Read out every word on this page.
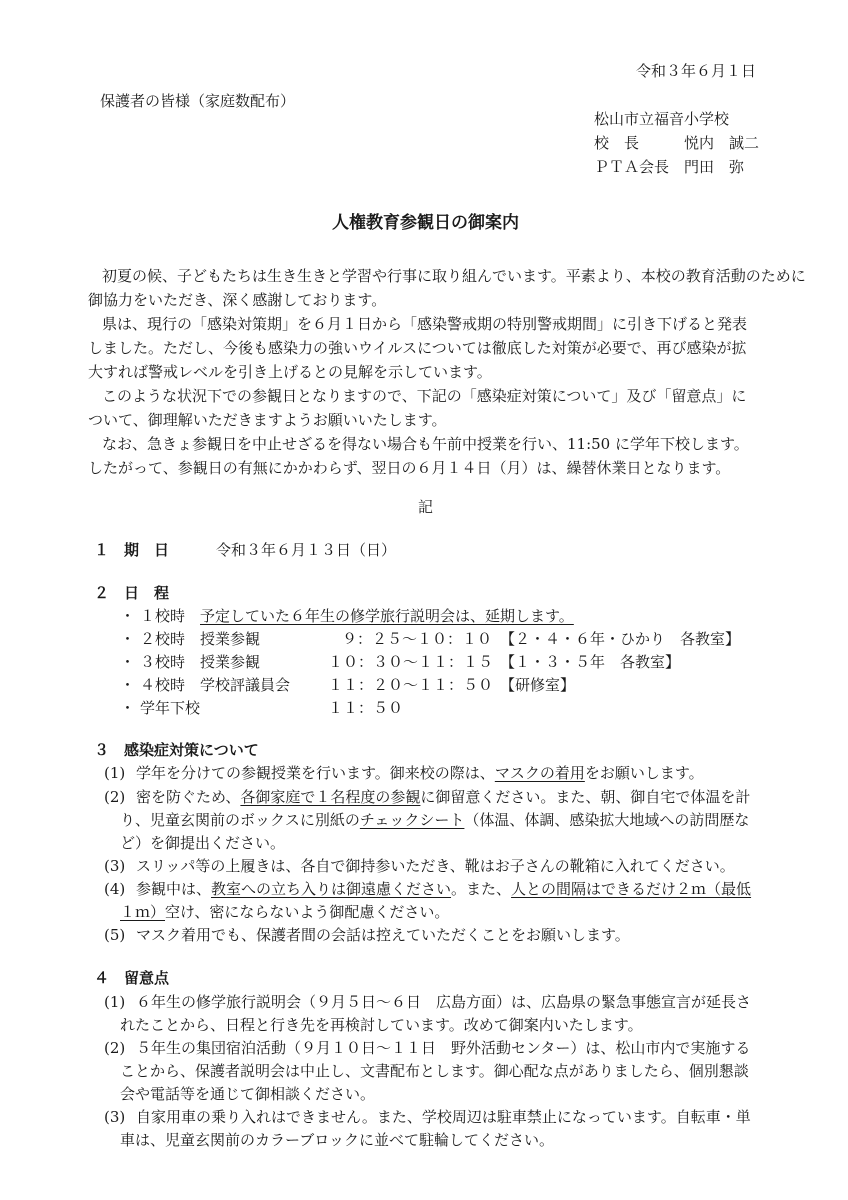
令和３年６月１日
保護者の皆様（家庭数配布）
松山市立福音小学校
校　長　　　悦内　誠二
ＰＴＡ会長　門田　弥
人権教育参観日の御案内
初夏の候、子どもたちは生き生きと学習や行事に取り組んでいます。平素より、本校の教育活動のために
御協力をいただき、深く感謝しております。
県は、現行の「感染対策期」を６月１日から「感染警戒期の特別警戒期間」に引き下げると発表
しました。ただし、今後も感染力の強いウイルスについては徹底した対策が必要で、再び感染が拡
大すれば警戒レベルを引き上げるとの見解を示しています。
このような状況下での参観日となりますので、下記の「感染症対策について」及び「留意点」に
ついて、御理解いただきますようお願いいたします。
なお、急きょ参観日を中止せざるを得ない場合も午前中授業を行い、11:50 に学年下校します。
したがって、参観日の有無にかかわらず、翌日の６月１４日（月）は、繰替休業日となります。
記
１　期　日	令和３年６月１３日（日）
２　日　程
・ １校時 予定していた６年生の修学旅行説明会は、延期します。
・ ２校時 授業参観	９：２５〜１０：１０ 【２・４・６年・ひかり　各教室】
・ ３校時 授業参観	１０：３０〜１１：１５ 【１・３・５年　各教室】
・ ４校時 学校評議員会	１１：２０〜１１：５０ 【研修室】
・ 学年下校	１１：５０
３　感染症対策について
(1) 学年を分けての参観授業を行います。御来校の際は、マスクの着用をお願いします。
(2) 密を防ぐため、各御家庭で１名程度の参観に御留意ください。また、朝、御自宅で体温を計
り、児童玄関前のボックスに別紙のチェックシート（体温、体調、感染拡大地域への訪問歴な
ど）を御提出ください。
(3) スリッパ等の上履きは、各自で御持参いただき、靴はお子さんの靴箱に入れてください。
(4) 参観中は、教室への立ち入りは御遠慮ください。また、人との間隔はできるだけ２ｍ（最低
１ｍ）空け、密にならないよう御配慮ください。
(5) マスク着用でも、保護者間の会話は控えていただくことをお願いします。
４　留意点
(1) ６年生の修学旅行説明会（９月５日〜６日　広島方面）は、広島県の緊急事態宣言が延長さ
れたことから、日程と行き先を再検討しています。改めて御案内いたします。
(2) ５年生の集団宿泊活動（９月１０日〜１１日　野外活動センター）は、松山市内で実施する
ことから、保護者説明会は中止し、文書配布とします。御心配な点がありましたら、個別懇談
会や電話等を通じて御相談ください。
(3) 自家用車の乗り入れはできません。また、学校周辺は駐車禁止になっています。自転車・単
車は、児童玄関前のカラーブロックに並べて駐輪してください。
